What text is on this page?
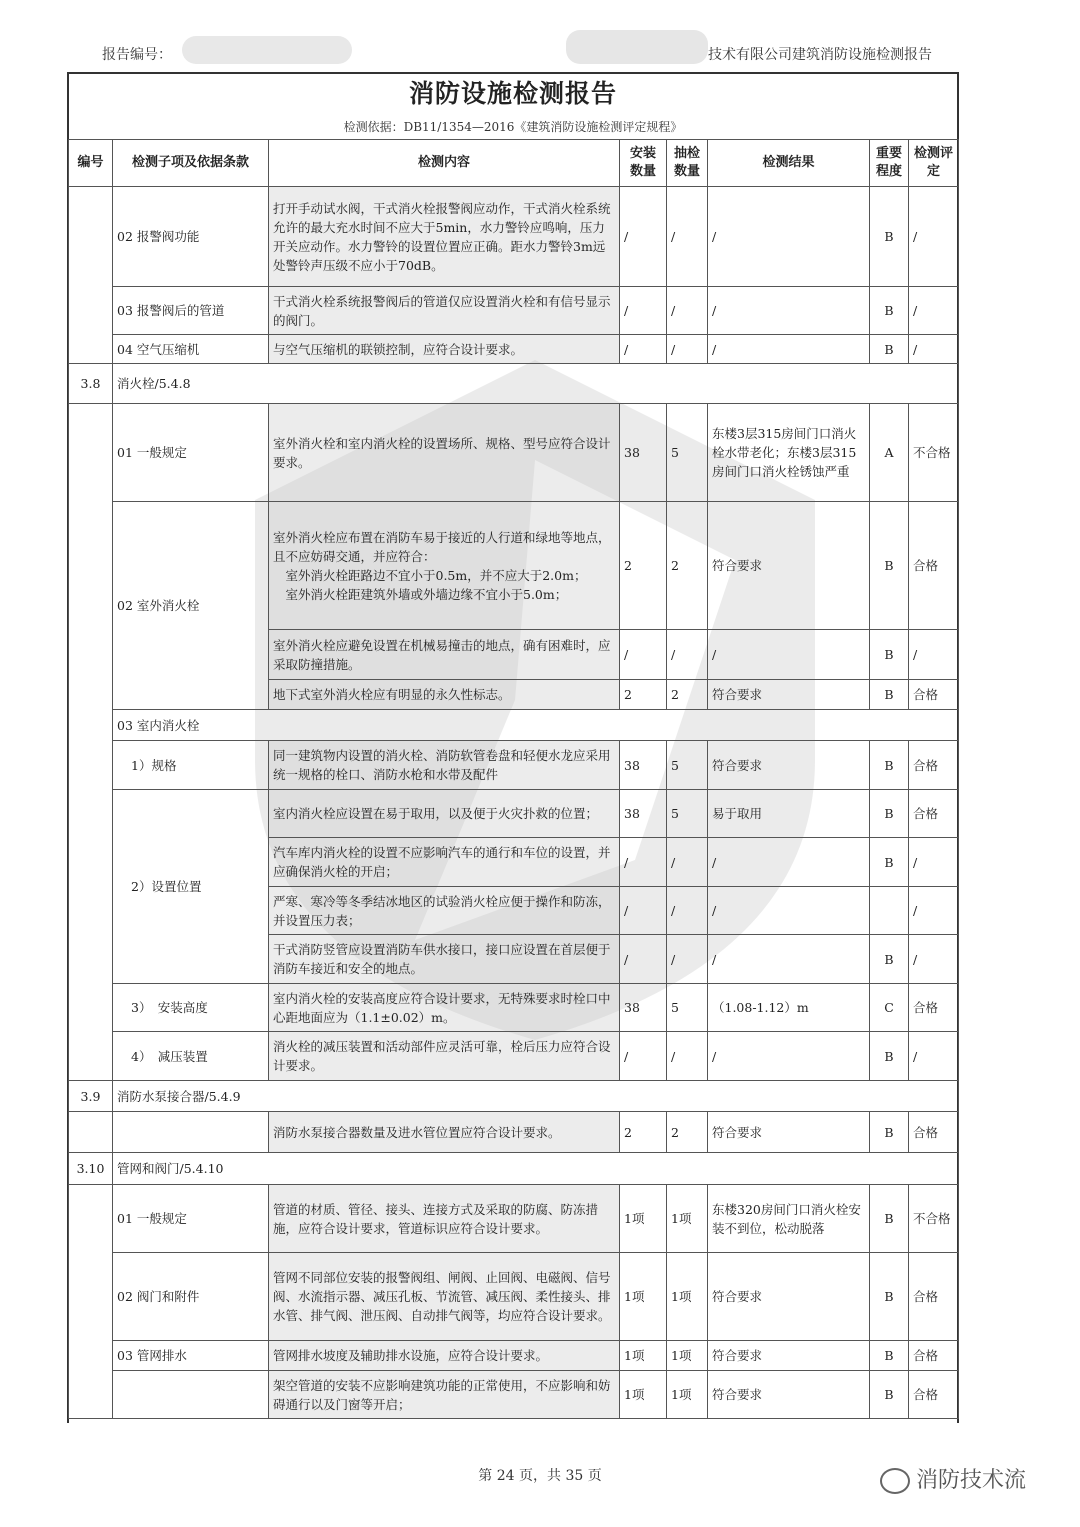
报告编号：	技术有限公司建筑消防设施检测报告
消防设施检测报告
检测依据：DB11/1354—2016《建筑消防设施检测评定规程》
编号	检测子项及依据条款	检测内容	安装数量	抽检数量	检测结果	重要程度	检测评定
	02 报警阀功能	打开手动试水阀，干式消火栓报警阀应动作，干式消火栓系统允许的最大充水时间不应大于5min，水力警铃应鸣响，压力开关应动作。水力警铃的设置位置应正确。距水力警铃3m远处警铃声压级不应小于70dB。	/	/	/	B	/
	03 报警阀后的管道	干式消火栓系统报警阀后的管道仅应设置消火栓和有信号显示的阀门。	/	/	/	B	/
	04 空气压缩机	与空气压缩机的联锁控制，应符合设计要求。	/	/	/	B	/
3.8	消火栓/5.4.8						
	01 一般规定	室外消火栓和室内消火栓的设置场所、规格、型号应符合设计要求。	38	5	东楼3层315房间门口消火栓水带老化；东楼3层315房间门口消火栓锈蚀严重	A	不合格
	02 室外消火栓	室外消火栓应布置在消防车易于接近的人行道和绿地等地点，且不应妨碍交通，并应符合：
　室外消火栓距路边不宜小于0.5m，并不应大于2.0m；
　室外消火栓距建筑外墙或外墙边缘不宜小于5.0m；	2	2	符合要求	B	合格
		室外消火栓应避免设置在机械易撞击的地点，确有困难时，应采取防撞措施。	/	/	/	B	/
		地下式室外消火栓应有明显的永久性标志。	2	2	符合要求	B	合格
	03 室内消火栓						
	1）规格	同一建筑物内设置的消火栓、消防软管卷盘和轻便水龙应采用统一规格的栓口、消防水枪和水带及配件	38	5	符合要求	B	合格
	2）设置位置	室内消火栓应设置在易于取用，以及便于火灾扑救的位置；	38	5	易于取用	B	合格
		汽车库内消火栓的设置不应影响汽车的通行和车位的设置，并应确保消火栓的开启；	/	/	/	B	/
		严寒、寒冷等冬季结冰地区的试验消火栓应便于操作和防冻，并设置压力表；	/	/	/		/
		干式消防竖管应设置消防车供水接口，接口应设置在首层便于消防车接近和安全的地点。	/	/	/	B	/
	3）　安装高度	室内消火栓的安装高度应符合设计要求，无特殊要求时栓口中心距地面应为（1.1±0.02）m。	38	5	（1.08-1.12）m	C	合格
	4）　减压装置	消火栓的减压装置和活动部件应灵活可靠，栓后压力应符合设计要求。	/	/	/	B	/
3.9	消防水泵接合器/5.4.9						
		消防水泵接合器数量及进水管位置应符合设计要求。	2	2	符合要求	B	合格
3.10	管网和阀门/5.4.10						
	01 一般规定	管道的材质、管径、接头、连接方式及采取的防腐、防冻措施，应符合设计要求，管道标识应符合设计要求。	1项	1项	东楼320房间门口消火栓安装不到位，松动脱落	B	不合格
	02 阀门和附件	管网不同部位安装的报警阀组、闸阀、止回阀、电磁阀、信号阀、水流指示器、减压孔板、节流管、减压阀、柔性接头、排水管、排气阀、泄压阀、自动排气阀等，均应符合设计要求。	1项	1项	符合要求	B	合格
	03 管网排水	管网排水坡度及辅助排水设施，应符合设计要求。	1项	1项	符合要求	B	合格
		架空管道的安装不应影响建筑功能的正常使用，不应影响和妨碍通行以及门窗等开启；	1项	1项	符合要求	B	合格
第 24 页，共 35 页	消防技术流
